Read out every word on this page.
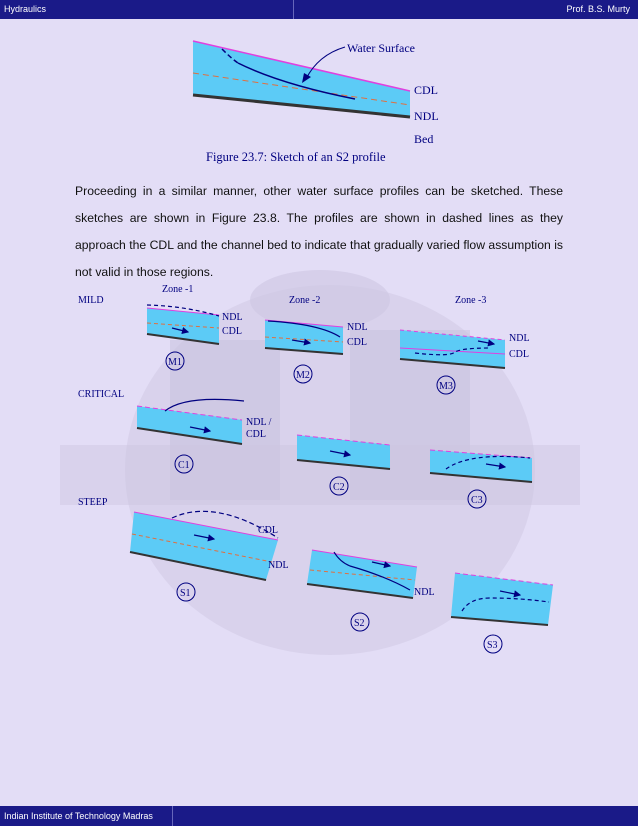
Hydraulics	Prof. B.S. Murty
Water Surface
CDL
NDL
Bed
Figure 23.7: Sketch of an S2 profile
Proceeding in a similar manner, other water surface profiles can be sketched. These sketches are shown in Figure 23.8. The profiles are shown in dashed lines as they approach the CDL and the channel bed to indicate that gradually varied flow assumption is not valid in those regions.
Zone -1
Zone -2	Zone -3
MILD
CRITICAL
STEEP
NDL
CDL
M1
NDL
CDL
M2
NDL
CDL
M3
NDL /
CDL
C1
C2
C3
CDL
NDL
S1	NDL
S2
S3
Indian Institute of Technology Madras
